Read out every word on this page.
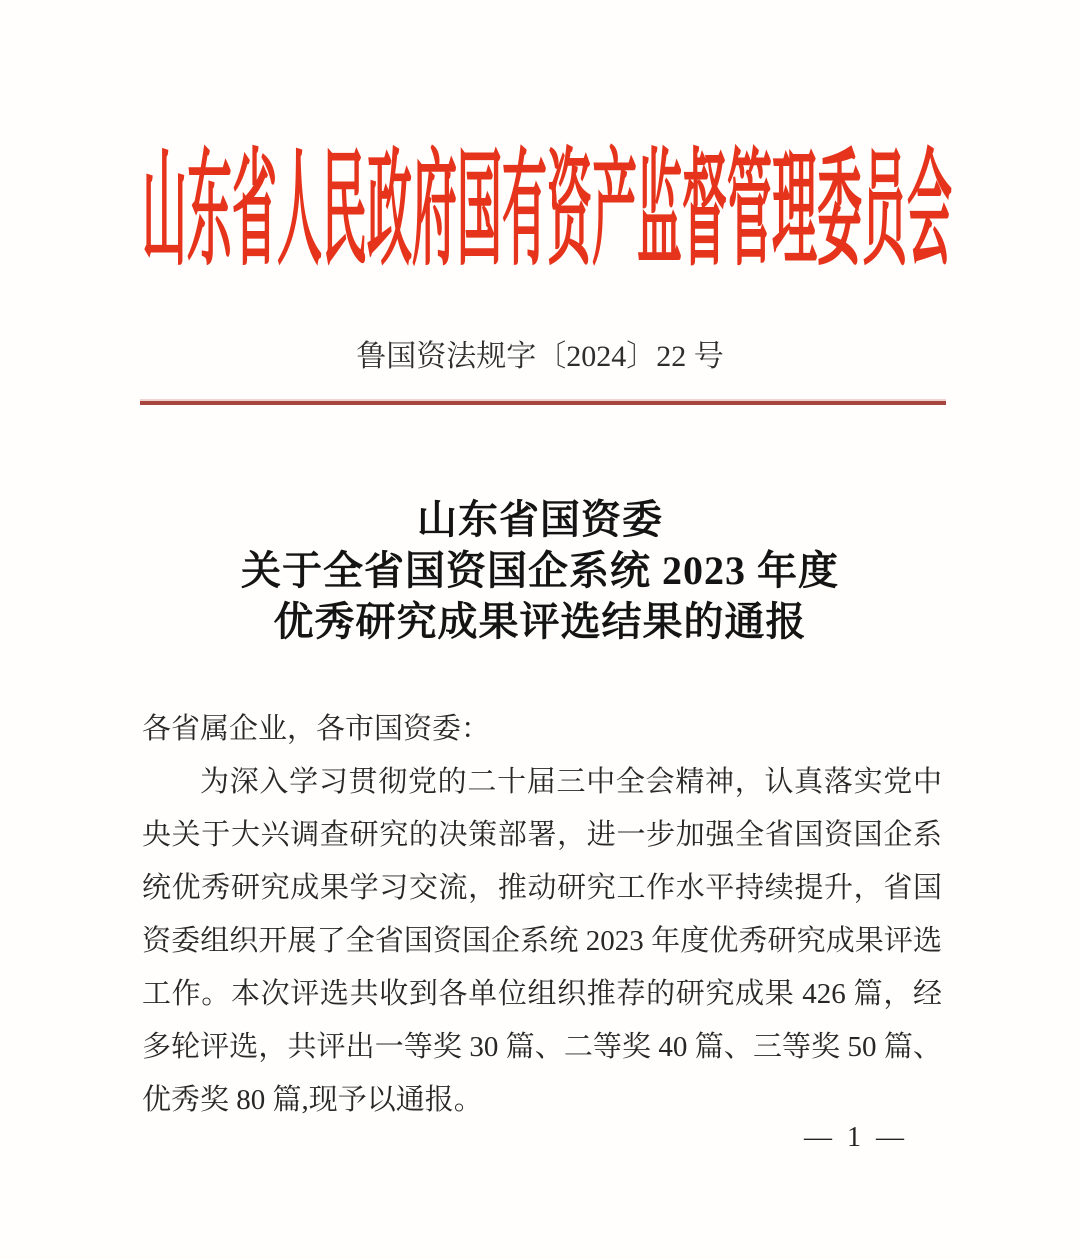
山东省人民政府国有资产监督管理委员会
鲁国资法规字〔2024〕22 号
山东省国资委
关于全省国资国企系统 2023 年度
优秀研究成果评选结果的通报
各省属企业，各市国资委：
为深入学习贯彻党的二十届三中全会精神，认真落实党中
央关于大兴调查研究的决策部署，进一步加强全省国资国企系
统优秀研究成果学习交流，推动研究工作水平持续提升，省国
资委组织开展了全省国资国企系统 2023 年度优秀研究成果评选
工作。本次评选共收到各单位组织推荐的研究成果 426 篇，经
多轮评选，共评出一等奖 30 篇、二等奖 40 篇、三等奖 50 篇、
优秀奖 80 篇,现予以通报。
— 1 —
